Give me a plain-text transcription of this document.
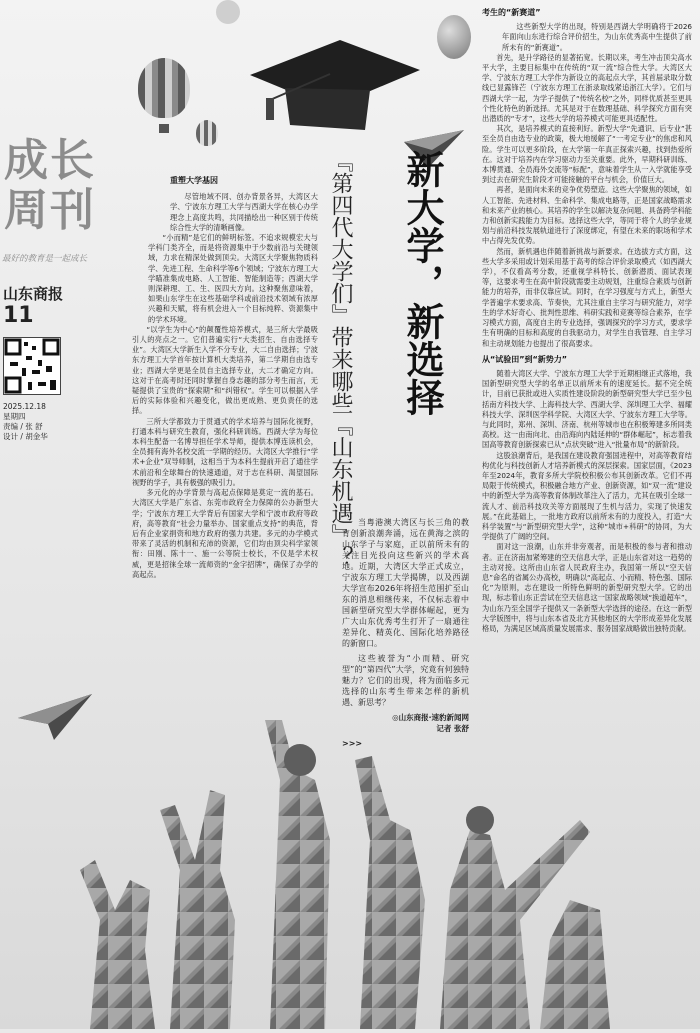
成长
周刊
最好的教育是一起成长
山东商报
11
2025.12.18
星期四
责编 / 张 舒
设计 / 胡金华
新大学，新选择
『第四代大学们』带来哪些『山东机遇』？ 当粤港澳大湾区与长三角的教育创新浪潮奔涌，远在黄海之滨的山东学子与家庭，正以前所未有的关注目光投向这些新兴的学术高地。近期，大湾区大学正式成立，宁波东方理工大学揭牌，以及西湖大学宣布2026年将招生范围扩至山东的消息相继传来，不仅标志着中国新型研究型大学群体崛起，更为广大山东优秀考生打开了一扇通往差异化、精英化、国际化培养路径的新窗口。

这些被誉为“小而精、研究型”的“第四代”大学，究竟有何独特魅力？它们的出现，将为面临多元选择的山东考生带来怎样的新机遇、新思考？

◎山东商报·速豹新闻网
记者 张舒
>>>
重塑大学基因

尽管地域不同、创办背景各异，大湾区大学、宁波东方理工大学与西湖大学在核心办学理念上高度共鸣，共同描绘出一种区别于传统综合性大学的清晰画像。

“小而精”是它们的鲜明标签。不追求规模宏大与学科门类齐全，而是将资源集中于少数前沿与关键领域，力求在精深处做到顶尖。大湾区大学聚焦物质科学、先进工程、生命科学等6个领域；宁波东方理工大学瞄准集成电路、人工智能、智能制造等；西湖大学则深耕理、工、生、医四大方向。这种聚焦意味着，如果山东学生在这些基础学科或前沿技术领域有浓厚兴趣和天赋，将有机会进入一个目标纯粹、资源集中的学术环境。

“以学生为中心”的颠覆性培养模式，是三所大学最吸引人的亮点之一。它们普遍实行“大类招生、自由选择专业”。大湾区大学新生入学不分专业，大二自由选择；宁波东方理工大学首年按计算机大类培养，第二学期自由选专业；西湖大学更是全员自主选择专业，大二才确定方向。这对于在高考时还同时掌握自身志趣的部分考生而言，无疑提供了宝贵的“探索期”和“纠错权”。学生可以根据入学后的实际体验和兴趣变化，做出更成熟、更负责任的选择。

三所大学都致力于贯通式的学术培养与国际化视野，打通本科与研究生教育，强化科研训练。西湖大学为每位本科生配备一名博导担任学术导师，提供本博连读机会，全员拥有海外名校交流一学期的经历。大湾区大学推行“学术+企业”双导师制，这相当于为本科生提前开启了通往学术前沿和全球舞台的快速通道，对于志在科研、渴望国际视野的学子，具有极强的吸引力。

多元化的办学背景与高起点保障是莫定一流的基石。大湾区大学是广东省、东莞市政府全力保障的公办新型大学；宁波东方理工大学背后有国家大学和宁波市政府等政府，高等教育“社会力量举办、国家重点支持”的典范，背后有企业家捐资和地方政府的强力共建。多元的办学模式带来了灵活的机制和充沛的资源，它们均由顶尖科学家领衔：田刚、陈十一、施一公等院士校长，不仅是学术权威，更是招徕全球一流师资的“金字招牌”，确保了办学的高起点。

考生的“新赛道”

这些新型大学的出现，特别是西湖大学明确将于2026年面向山东进行综合评价招生，为山东优秀高中生提供了前所未有的“新赛道”。

首先，是升学路径的显著拓宽。长期以来，考生冲击顶尖高水平大学，主要目标集中在传统的“双一流”综合性大学。大湾区大学、宁波东方理工大学作为新设立的高起点大学，其首届录取分数线已显露锋芒（宁波东方理工在浙录取线紧追浙江大学）。它们与西湖大学一起，为学子提供了“传统名校”之外，同样优质甚至更具个性化特色的新选择。尤其是对于在数理基础、科学探究方面有突出潜质的“专才”，这些大学的培养模式可能更具适配性。

其次，是培养模式的直接利好。新型大学“先通识、后专业”甚至全员自由选专业的政策，极大地缓解了“一考定专业”的焦虑和风险。学生可以更多阶段，在大学第一年真正探索兴趣，找到热爱所在。这对于培养内在学习驱动力至关重要。此外，早期科研训练、本博贯通、全员海外交流等“标配”，意味着学生从一入学就能享受到过去在研究生阶段才可能接触的平台与机会，价值巨大。

再者，是面向未来的竞争优势塑造。这些大学聚焦的领域，如人工智能、先进材料、生命科学、集成电路等，正是国家战略需求和未来产业的核心。其培养的学生以解决复杂问题、具备跨学科能力和创新实践能力为目标。选择这些大学，等同于将个人的学业规划与前沿科技发展轨道进行了深度绑定，有望在未来的职场和学术中占得先发优势。

然而，新机遇也伴随着新挑战与新要求。在选拔方式方面，这些大学多采用或计划采用基于高考的综合评价录取模式（如西湖大学），不仅看高考分数，还重视学科特长、创新潜质、面试表现等，这要求考生在高中阶段就需要主动规划，注重综合素质与创新能力的培养，而非仅靠应试。同时，在学习强度与方式上，新型大学普遍学术要求高、节奏快，尤其注重自主学习与研究能力，对学生的学术好奇心、批判性思维、科研实践和竞赛等综合素养，在学习模式方面，高度自主的专业选择，强调探究的学习方式，要求学生有明确的目标和高度的自我驱动力，对学生自我管理、自主学习和主动规划能力也提出了很高要求。

从“试验田”到“新势力”

随着大湾区大学、宁波东方理工大学于近期相继正式落地，我国新型研究型大学的名单正以前所未有的速度延长。据不完全统计，目前已获批或进入实质性建设阶段的新型研究型大学已至少包括南方科技大学、上海科技大学、西湖大学、深圳理工大学、福耀科技大学、深圳医学科学院、大湾区大学、宁波东方理工大学等。与此同时，郑州、深圳、济南、杭州等城市也在积极筹建多所同类高校。这一由南向北、由沿海向内陆延伸的“群体崛起”，标志着我国高等教育创新探索已从“点状突破”进入“批量布局”的新阶段。

这股浪潮背后，是我国在建设教育强国进程中，对高等教育结构优化与科技创新人才培养新模式的深层探索。国家层面，《2023年至2024年，教育多所大学院校积极公布其创新改革。它们不再局限于传统模式，积极融合地方产业、创新资源，如“双一流”建设中的新型大学为高等教育体制改革注入了活力，尤其在吸引全球一流人才、前沿科技攻关等方面展现了生机与活力，实现了快速发展。”在此基础上，一批地方政府以前所未有的力度投入，打造“大科学装置”与“新型研究型大学”，这种“城市+科研”的协同，为大学提供了广阔的空间。

面对这一浪潮，山东并非旁观者，而是积极的参与者和推动者。正在济南加紧筹建的空天信息大学，正是山东省对这一趋势的主动对接。这所由山东省人民政府主办，我国第一所以“空天信息”命名的省属公办高校，明确以“高起点、小而精、特色强、国际化”为原则，志在建设一所特色鲜明的新型研究型大学。它的出现，标志着山东正尝试在空天信息这一国家战略领域“换道超车”，为山东乃至全国学子提供又一条新型大学选择的途径。在这一新型大学版图中，将与山东本省及北方其他地区的大学形成差异化发展格局，为满足区域高质量发展需求、服务国家战略做出独特贡献。
